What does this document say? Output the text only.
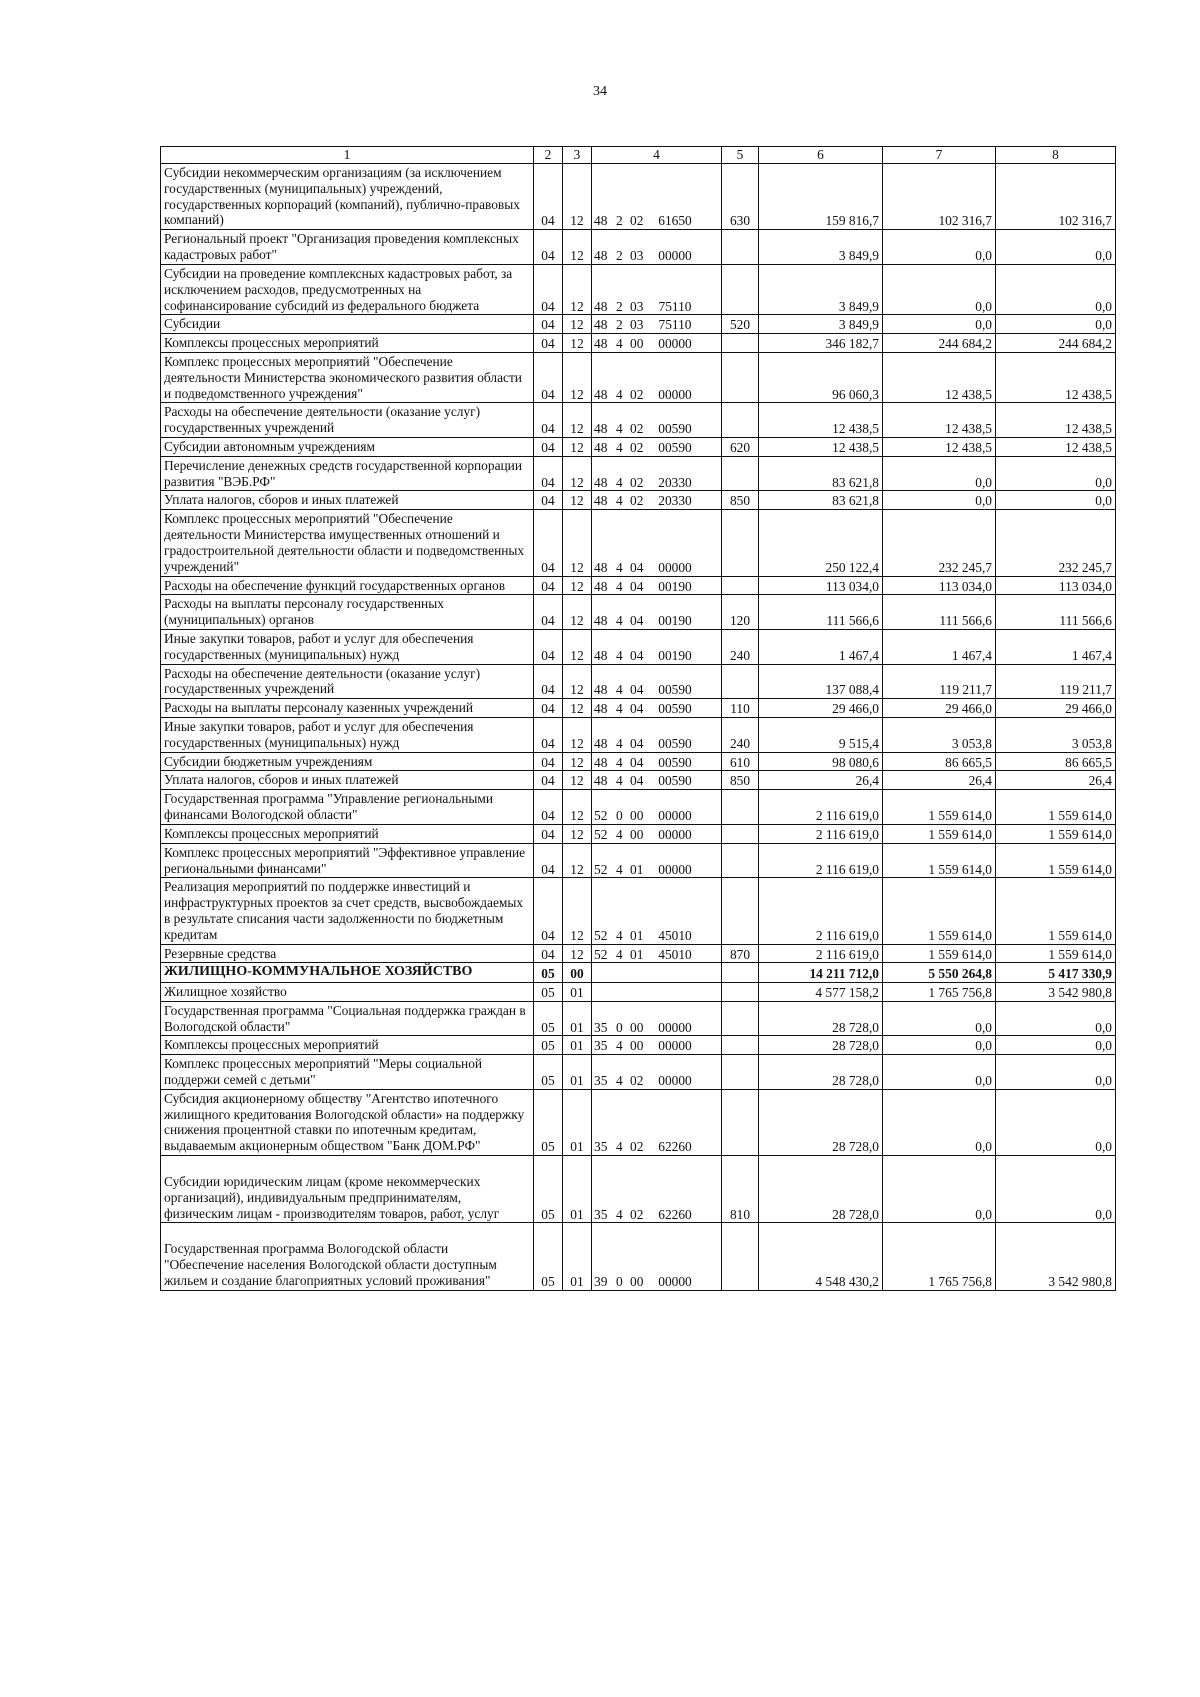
34
1	2	3	4	5	6	7	8
Субсидии некоммерческим организациям (за исключением государственных (муниципальных) учреждений, государственных корпораций (компаний), публично-правовых компаний)	04	12	48 2 02 61650	630	159 816,7	102 316,7	102 316,7
Региональный проект "Организация проведения комплексных кадастровых работ"	04	12	48 2 03 00000		3 849,9	0,0	0,0
Субсидии на проведение комплексных кадастровых работ, за исключением расходов, предусмотренных на софинансирование субсидий из федерального бюджета	04	12	48 2 03 75110		3 849,9	0,0	0,0
Субсидии	04	12	48 2 03 75110	520	3 849,9	0,0	0,0
Комплексы процессных мероприятий	04	12	48 4 00 00000		346 182,7	244 684,2	244 684,2
Комплекс процессных мероприятий "Обеспечение деятельности Министерства экономического развития области и подведомственного учреждения"	04	12	48 4 02 00000		96 060,3	12 438,5	12 438,5
Расходы на обеспечение деятельности (оказание услуг) государственных учреждений	04	12	48 4 02 00590		12 438,5	12 438,5	12 438,5
Субсидии автономным учреждениям	04	12	48 4 02 00590	620	12 438,5	12 438,5	12 438,5
Перечисление денежных средств государственной корпорации развития "ВЭБ.РФ"	04	12	48 4 02 20330		83 621,8	0,0	0,0
Уплата налогов, сборов и иных платежей	04	12	48 4 02 20330	850	83 621,8	0,0	0,0
Комплекс процессных мероприятий "Обеспечение деятельности Министерства имущественных отношений и градостроительной деятельности области и подведомственных учреждений"	04	12	48 4 04 00000		250 122,4	232 245,7	232 245,7
Расходы на обеспечение функций государственных органов	04	12	48 4 04 00190		113 034,0	113 034,0	113 034,0
Расходы на выплаты персоналу государственных (муниципальных) органов	04	12	48 4 04 00190	120	111 566,6	111 566,6	111 566,6
Иные закупки товаров, работ и услуг для обеспечения государственных (муниципальных) нужд	04	12	48 4 04 00190	240	1 467,4	1 467,4	1 467,4
Расходы на обеспечение деятельности (оказание услуг) государственных учреждений	04	12	48 4 04 00590		137 088,4	119 211,7	119 211,7
Расходы на выплаты персоналу казенных учреждений	04	12	48 4 04 00590	110	29 466,0	29 466,0	29 466,0
Иные закупки товаров, работ и услуг для обеспечения государственных (муниципальных) нужд	04	12	48 4 04 00590	240	9 515,4	3 053,8	3 053,8
Субсидии бюджетным учреждениям	04	12	48 4 04 00590	610	98 080,6	86 665,5	86 665,5
Уплата налогов, сборов и иных платежей	04	12	48 4 04 00590	850	26,4	26,4	26,4
Государственная программа "Управление региональными финансами Вологодской области"	04	12	52 0 00 00000		2 116 619,0	1 559 614,0	1 559 614,0
Комплексы процессных мероприятий	04	12	52 4 00 00000		2 116 619,0	1 559 614,0	1 559 614,0
Комплекс процессных мероприятий "Эффективное управление региональными финансами"	04	12	52 4 01 00000		2 116 619,0	1 559 614,0	1 559 614,0
Реализация мероприятий по поддержке инвестиций и инфраструктурных проектов за счет средств, высвобождаемых в результате списания части задолженности по бюджетным кредитам	04	12	52 4 01 45010		2 116 619,0	1 559 614,0	1 559 614,0
Резервные средства	04	12	52 4 01 45010	870	2 116 619,0	1 559 614,0	1 559 614,0
ЖИЛИЩНО-КОММУНАЛЬНОЕ ХОЗЯЙСТВО	05	00			14 211 712,0	5 550 264,8	5 417 330,9
Жилищное хозяйство	05	01			4 577 158,2	1 765 756,8	3 542 980,8
Государственная программа "Социальная поддержка граждан в Вологодской области"	05	01	35 0 00 00000		28 728,0	0,0	0,0
Комплексы процессных мероприятий	05	01	35 4 00 00000		28 728,0	0,0	0,0
Комплекс процессных мероприятий "Меры социальной поддержи семей с детьми"	05	01	35 4 02 00000		28 728,0	0,0	0,0
Субсидия акционерному обществу "Агентство ипотечного жилищного кредитования Вологодской области» на поддержку снижения процентной ставки по ипотечным кредитам, выдаваемым акционерным обществом "Банк ДОМ.РФ"	05	01	35 4 02 62260		28 728,0	0,0	0,0
Субсидии юридическим лицам (кроме некоммерческих организаций), индивидуальным предпринимателям, физическим лицам - производителям товаров, работ, услуг	05	01	35 4 02 62260	810	28 728,0	0,0	0,0
Государственная программа Вологодской области "Обеспечение населения Вологодской области доступным жильем и создание благоприятных условий проживания"	05	01	39 0 00 00000		4 548 430,2	1 765 756,8	3 542 980,8
